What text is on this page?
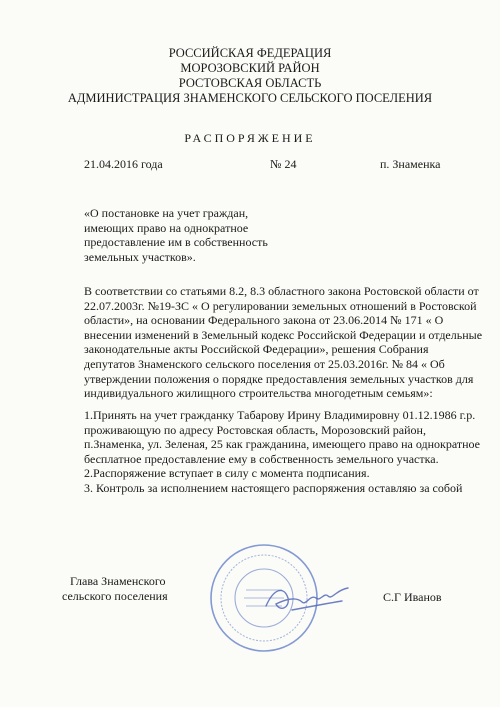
РОССИЙСКАЯ ФЕДЕРАЦИЯ
МОРОЗОВСКИЙ РАЙОН
РОСТОВСКАЯ ОБЛАСТЬ
АДМИНИСТРАЦИЯ ЗНАМЕНСКОГО СЕЛЬСКОГО ПОСЕЛЕНИЯ
РАСПОРЯЖЕНИЕ
21.04.2016 года	№ 24	п. Знаменка
«О постановке на учет граждан,
имеющих право на однократное
предоставление им в собственность
земельных участков».
В соответствии со статьями 8.2, 8.3 областного закона Ростовской области от
22.07.2003г. №19-ЗС « О регулировании земельных отношений в Ростовской
области», на основании Федерального закона от 23.06.2014 № 171 « О
внесении изменений в Земельный кодекс Российской Федерации и отдельные
законодательные акты Российской Федерации», решения Собрания
депутатов Знаменского сельского поселения от 25.03.2016г. № 84 « Об
утверждении положения о порядке предоставления земельных участков для
индивидуального жилищного строительства многодетным семьям»:
1.Принять на учет гражданку Табарову Ирину Владимировну 01.12.1986 г.р.
проживающую по адресу Ростовская область, Морозовский район,
п.Знаменка, ул. Зеленая, 25 как гражданина, имеющего право на однократное
бесплатное предоставление ему в собственность земельного участка.
2.Распоряжение вступает в силу с момента подписания.
3. Контроль за исполнением настоящего распоряжения оставляю за собой
Глава Знаменского
сельского поселения	С.Г Иванов
